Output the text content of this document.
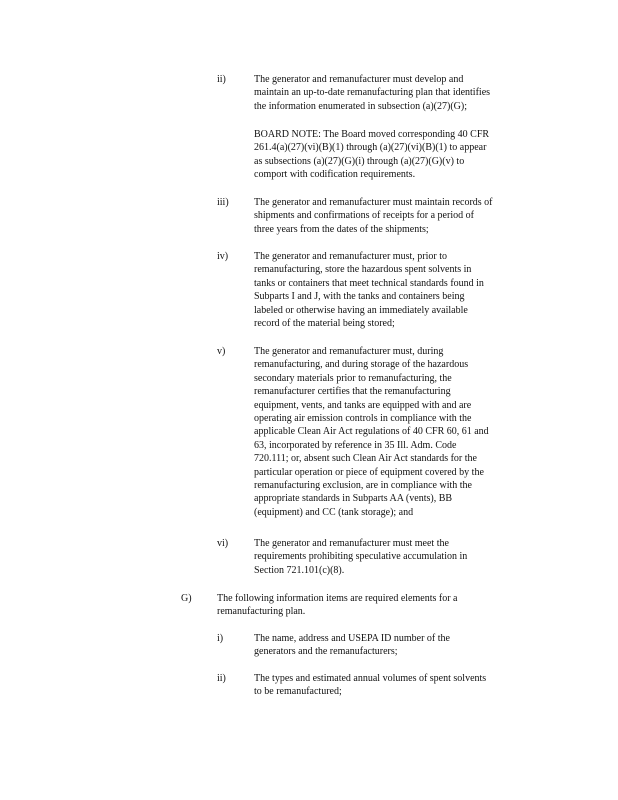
ii)	The generator and remanufacturer must develop and
maintain an up-to-date remanufacturing plan that identifies
the information enumerated in subsection (a)(27)(G);
BOARD NOTE: The Board moved corresponding 40 CFR
261.4(a)(27)(vi)(B)(1) through (a)(27)(vi)(B)(1) to appear
as subsections (a)(27)(G)(i) through (a)(27)(G)(v) to
comport with codification requirements.
iii)	The generator and remanufacturer must maintain records of
shipments and confirmations of receipts for a period of
three years from the dates of the shipments;
iv)	The generator and remanufacturer must, prior to
remanufacturing, store the hazardous spent solvents in
tanks or containers that meet technical standards found in
Subparts I and J, with the tanks and containers being
labeled or otherwise having an immediately available
record of the material being stored;
v)	The generator and remanufacturer must, during
remanufacturing, and during storage of the hazardous
secondary materials prior to remanufacturing, the
remanufacturer certifies that the remanufacturing
equipment, vents, and tanks are equipped with and are
operating air emission controls in compliance with the
applicable Clean Air Act regulations of 40 CFR 60, 61 and
63, incorporated by reference in 35 Ill. Adm. Code
720.111; or, absent such Clean Air Act standards for the
particular operation or piece of equipment covered by the
remanufacturing exclusion, are in compliance with the
appropriate standards in Subparts AA (vents), BB
(equipment) and CC (tank storage); and
vi)	The generator and remanufacturer must meet the
requirements prohibiting speculative accumulation in
Section 721.101(c)(8).
G)	The following information items are required elements for a
remanufacturing plan.
i)	The name, address and USEPA ID number of the
generators and the remanufacturers;
ii)	The types and estimated annual volumes of spent solvents
to be remanufactured;
